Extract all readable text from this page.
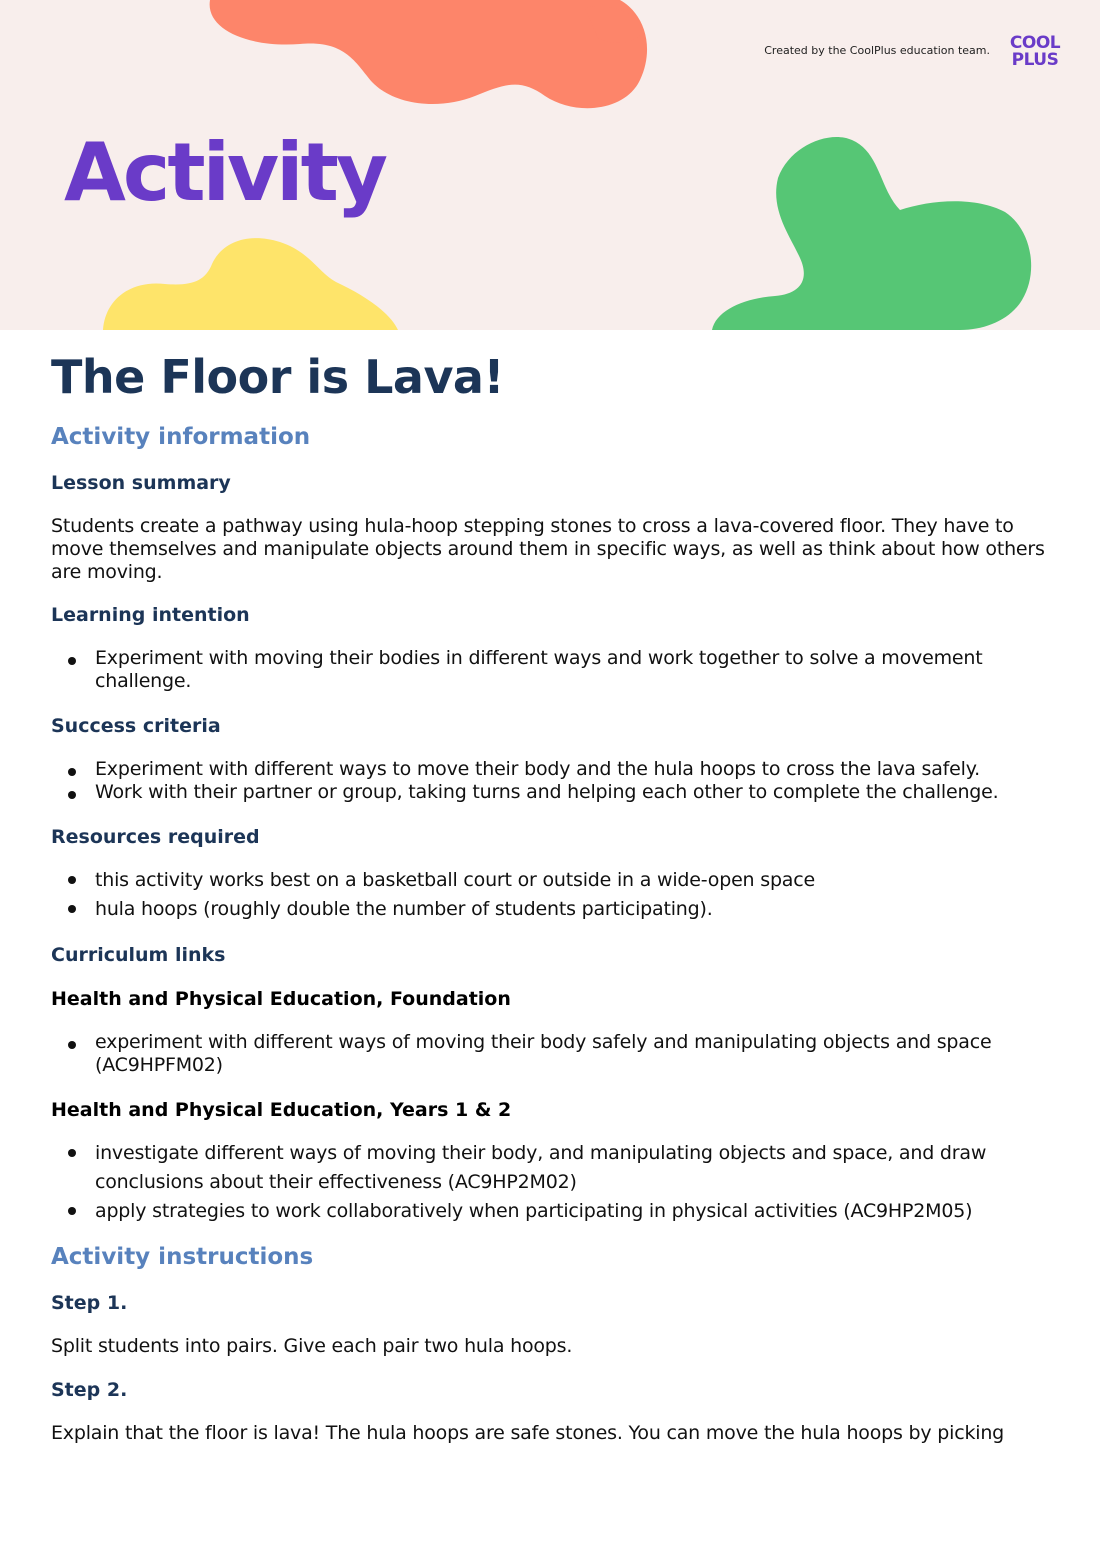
Created by the CoolPlus education team.	COOL
PLUS
Activity
The Floor is Lava!
Activity information
Lesson summary

Students create a pathway using hula-hoop stepping stones to cross a lava-covered floor. They have to move themselves and manipulate objects around them in specific ways, as well as think about how others are moving.

Learning intention
Experiment with moving their bodies in different ways and work together to solve a movement challenge.
Success criteria
Experiment with different ways to move their body and the hula hoops to cross the lava safely.
Work with their partner or group, taking turns and helping each other to complete the challenge.
Resources required
this activity works best on a basketball court or outside in a wide-open space
hula hoops (roughly double the number of students participating).
Curriculum links
Health and Physical Education, Foundation
experiment with different ways of moving their body safely and manipulating objects and space (AC9HPFM02)
Health and Physical Education, Years 1 & 2
investigate different ways of moving their body, and manipulating objects and space, and draw conclusions about their effectiveness (AC9HP2M02)
apply strategies to work collaboratively when participating in physical activities (AC9HP2M05)
Activity instructions
Step 1.

Split students into pairs. Give each pair two hula hoops.

Step 2.

Explain that the floor is lava! The hula hoops are safe stones. You can move the hula hoops by picking
